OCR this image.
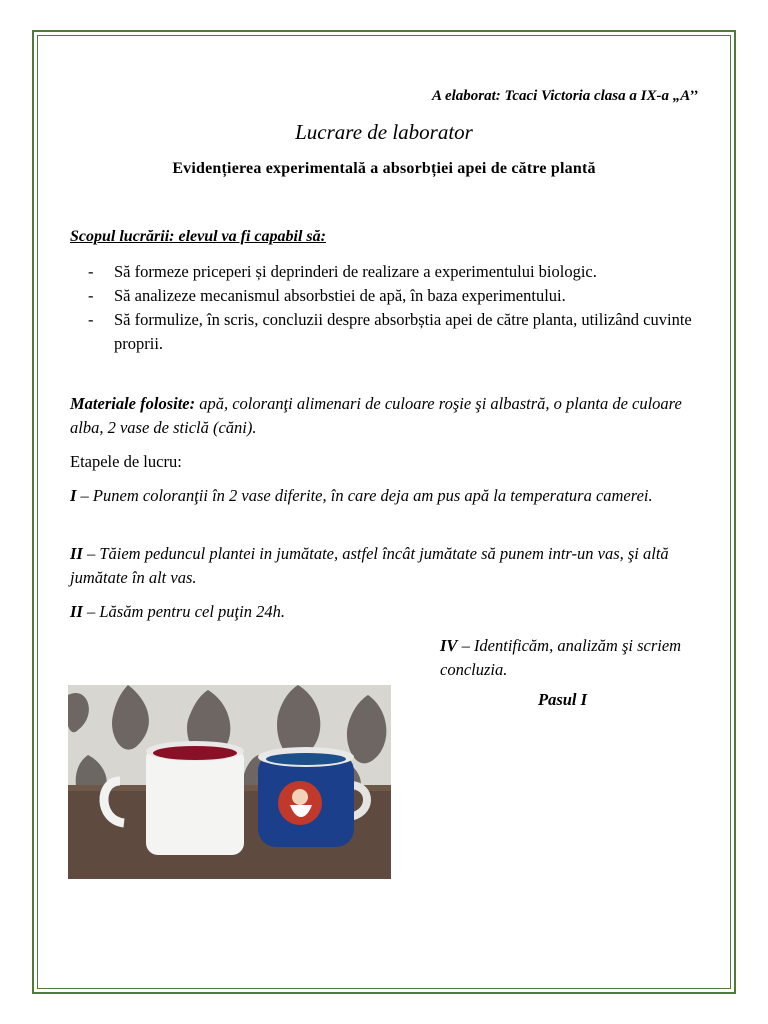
A elaborat: Tcaci Victoria clasa a IX-a „A’’
Lucrare de laborator
Evidențierea experimentală a absorbției apei de către plantă
Scopul lucrării: elevul va fi capabil să:
- Să formeze priceperi și deprinderi de realizare a experimentului biologic.
- Să analizeze mecanismul absorbstiei de apă, în baza experimentului.
- Să formulize, în scris, concluzii despre absorbștia apei de către planta, utilizând cuvinte proprii.
Materiale folosite: apă, coloranţi alimenari de culoare roşie şi albastră, o planta de culoare alba, 2 vase de sticlă (căni).
Etapele de lucru:
I – Punem coloranţii în 2 vase diferite, în care deja am pus apă la temperatura camerei.
II – Tăiem peduncul plantei in jumătate, astfel încât jumătate să punem intr-un vas, şi altă jumătate în alt vas.
II – Lăsăm pentru cel puţin 24h.
IV – Identificăm, analizăm şi scriem concluzia.
Pasul I
